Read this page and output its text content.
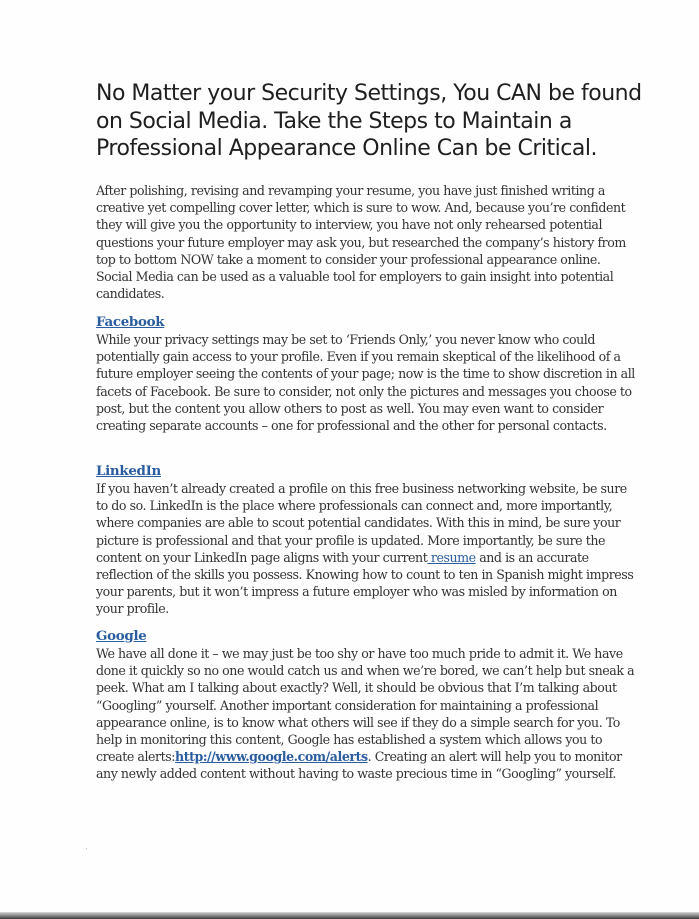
No Matter your Security Settings, You CAN be found on Social Media. Take the Steps to Maintain a Professional Appearance Online Can be Critical.

After polishing, revising and revamping your resume, you have just finished writing a creative yet compelling cover letter, which is sure to wow. And, because you’re confident they will give you the opportunity to interview, you have not only rehearsed potential questions your future employer may ask you, but researched the company’s history from top to bottom NOW take a moment to consider your professional appearance online. Social Media can be used as a valuable tool for employers to gain insight into potential candidates.

Facebook

While your privacy settings may be set to ‘Friends Only,’ you never know who could potentially gain access to your profile. Even if you remain skeptical of the likelihood of a future employer seeing the contents of your page; now is the time to show discretion in all facets of Facebook. Be sure to consider, not only the pictures and messages you choose to post, but the content you allow others to post as well. You may even want to consider creating separate accounts – one for professional and the other for personal contacts.

LinkedIn

If you haven’t already created a profile on this free business networking website, be sure to do so. LinkedIn is the place where professionals can connect and, more importantly, where companies are able to scout potential candidates. With this in mind, be sure your picture is professional and that your profile is updated. More importantly, be sure the content on your LinkedIn page aligns with your current resume and is an accurate reflection of the skills you possess. Knowing how to count to ten in Spanish might impress your parents, but it won’t impress a future employer who was misled by information on your profile.

Google

We have all done it – we may just be too shy or have too much pride to admit it. We have done it quickly so no one would catch us and when we’re bored, we can’t help but sneak a peek. What am I talking about exactly? Well, it should be obvious that I’m talking about “Googling” yourself. Another important consideration for maintaining a professional appearance online, is to know what others will see if they do a simple search for you. To help in monitoring this content, Google has established a system which allows you to create alerts:http://www.google.com/alerts. Creating an alert will help you to monitor any newly added content without having to waste precious time in “Googling” yourself.
